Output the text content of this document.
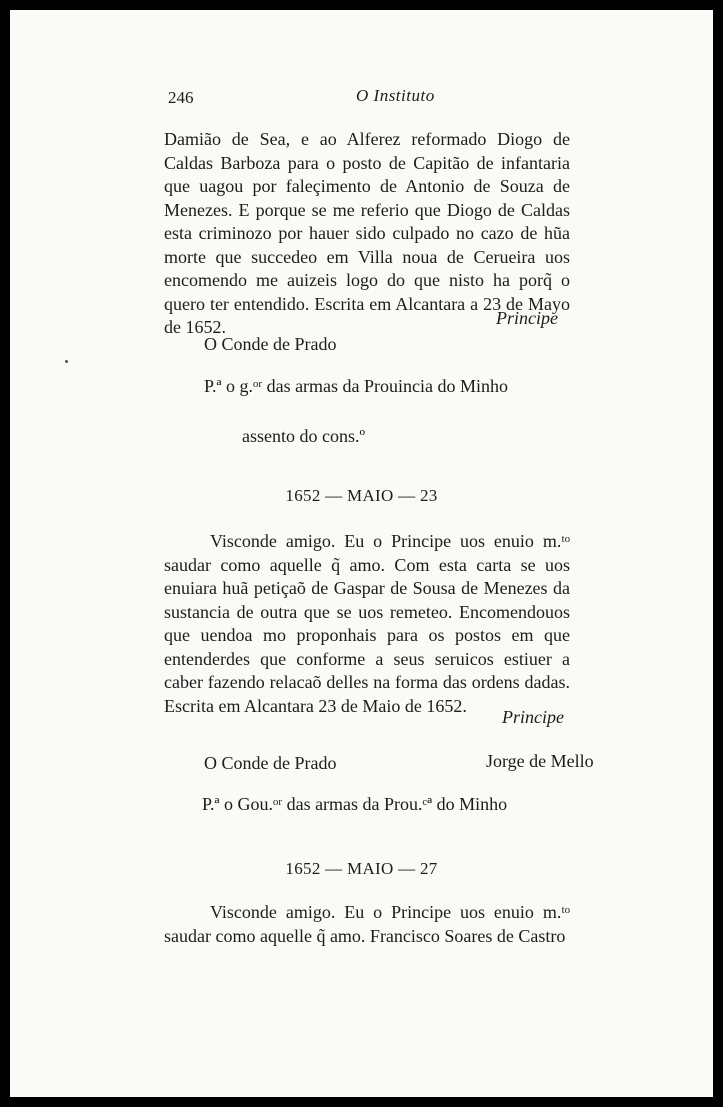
246	O Instituto

Damião de Sea, e ao Alferez reformado Diogo de Caldas Barboza para o posto de Capitão de infantaria que uagou por faleçimento de Antonio de Souza de Menezes. E porque se me referio que Diogo de Caldas esta criminozo por hauer sido culpado no cazo de hũa morte que succedeo em Villa noua de Cerueira uos encomendo me auizeis logo do que nisto ha porq̃ o quero ter entendido. Escrita em Alcantara a 23 de Mayo de 1652.	Principe
O Conde de Prado
P.ª o g.ᵒʳ das armas da Prouincia do Minho
assento do cons.º
1652 — MAIO — 23

Visconde amigo. Eu o Principe uos enuio m.ᵗᵒ saudar como aquelle q̃ amo. Com esta carta se uos enuiara huã petiçaõ de Gaspar de Sousa de Menezes da sustancia de outra que se uos remeteo. Encomendouos que uendoa mo proponhais para os postos em que entenderdes que conforme a seus seruicos estiuer a caber fazendo relacaõ delles na forma das ordens dadas. Escrita em Alcantara 23 de Maio de 1652.

Principe
O Conde de Prado	Jorge de Mello
P.ª o Gou.ᵒʳ das armas da Prou.ᶜª do Minho
1652 — MAIO — 27

Visconde amigo. Eu o Principe uos enuio m.ᵗᵒ saudar como aquelle q̃ amo. Francisco Soares de Castro
